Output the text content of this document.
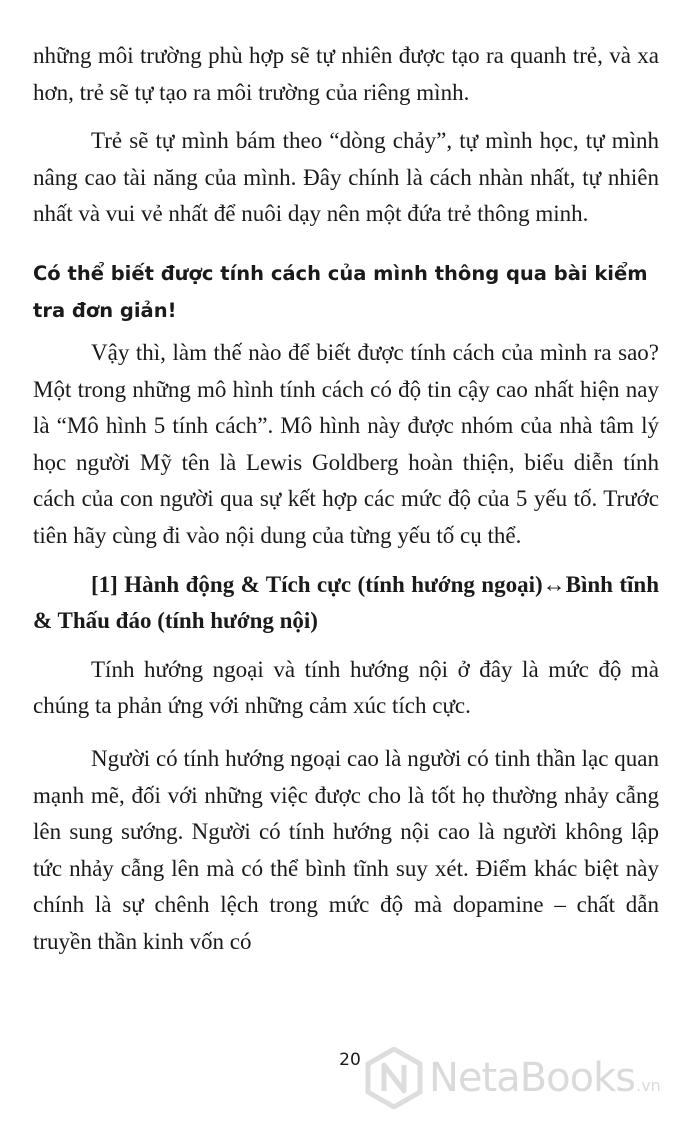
những môi trường phù hợp sẽ tự nhiên được tạo ra quanh trẻ, và xa hơn, trẻ sẽ tự tạo ra môi trường của riêng mình.

Trẻ sẽ tự mình bám theo “dòng chảy”, tự mình học, tự mình nâng cao tài năng của mình. Đây chính là cách nhàn nhất, tự nhiên nhất và vui vẻ nhất để nuôi dạy nên một đứa trẻ thông minh.

Có thể biết được tính cách của mình thông qua bài kiểm tra đơn giản!

Vậy thì, làm thế nào để biết được tính cách của mình ra sao? Một trong những mô hình tính cách có độ tin cậy cao nhất hiện nay là “Mô hình 5 tính cách”. Mô hình này được nhóm của nhà tâm lý học người Mỹ tên là Lewis Goldberg hoàn thiện, biểu diễn tính cách của con người qua sự kết hợp các mức độ của 5 yếu tố. Trước tiên hãy cùng đi vào nội dung của từng yếu tố cụ thể.

[1] Hành động & Tích cực (tính hướng ngoại)↔Bình tĩnh & Thấu đáo (tính hướng nội)

Tính hướng ngoại và tính hướng nội ở đây là mức độ mà chúng ta phản ứng với những cảm xúc tích cực.

Người có tính hướng ngoại cao là người có tinh thần lạc quan mạnh mẽ, đối với những việc được cho là tốt họ thường nhảy cẫng lên sung sướng. Người có tính hướng nội cao là người không lập tức nhảy cẫng lên mà có thể bình tĩnh suy xét. Điểm khác biệt này chính là sự chênh lệch trong mức độ mà dopamine – chất dẫn truyền thần kinh vốn có

20	NetaBooks .vn
